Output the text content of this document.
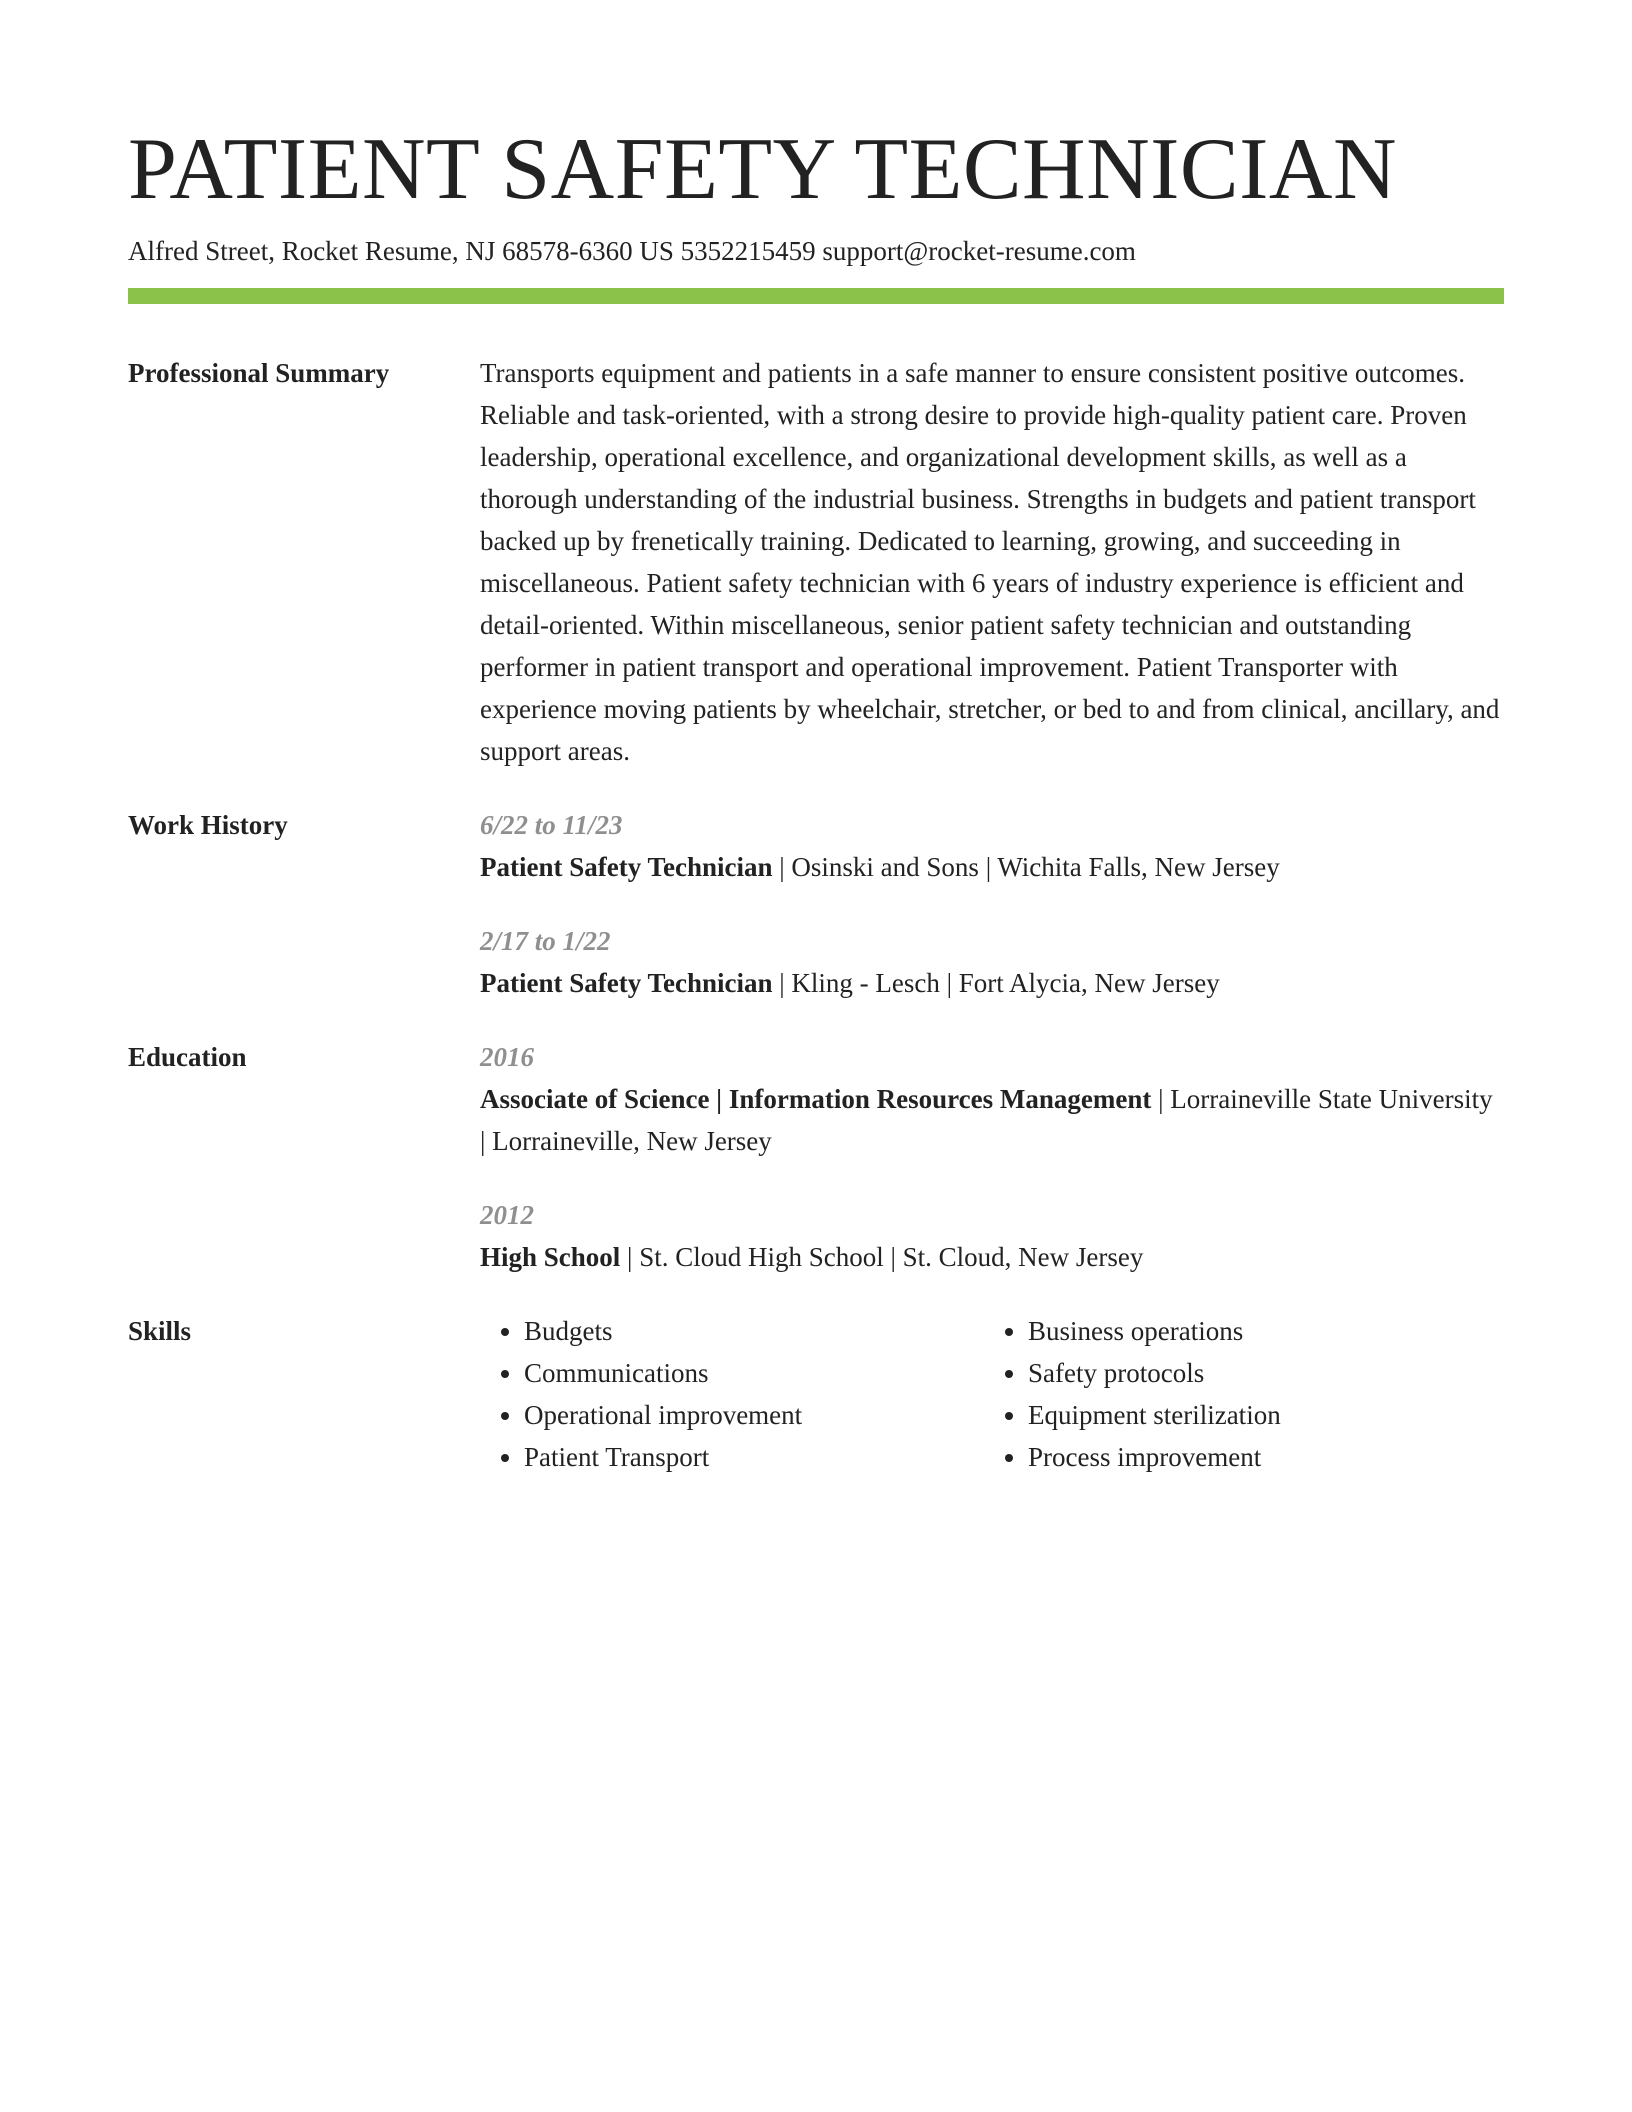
PATIENT SAFETY TECHNICIAN
Alfred Street, Rocket Resume, NJ 68578-6360 US 5352215459 support@rocket-resume.com
Professional Summary	Transports equipment and patients in a safe manner to ensure consistent positive outcomes. Reliable and task-oriented, with a strong desire to provide high-quality patient care. Proven leadership, operational excellence, and organizational development skills, as well as a thorough understanding of the industrial business. Strengths in budgets and patient transport backed up by frenetically training. Dedicated to learning, growing, and succeeding in miscellaneous. Patient safety technician with 6 years of industry experience is efficient and detail-oriented. Within miscellaneous, senior patient safety technician and outstanding performer in patient transport and operational improvement. Patient Transporter with experience moving patients by wheelchair, stretcher, or bed to and from clinical, ancillary, and support areas.
Work History	6/22 to 11/23
Patient Safety Technician | Osinski and Sons | Wichita Falls, New Jersey
2/17 to 1/22
Patient Safety Technician | Kling - Lesch | Fort Alycia, New Jersey
Education	2016
Associate of Science | Information Resources Management | Lorraineville State University | Lorraineville, New Jersey
2012
High School | St. Cloud High School | St. Cloud, New Jersey
Skills
•	Budgets
• Communications
• Operational improvement
• Patient Transport
• Business operations
• Safety protocols
• Equipment sterilization
• Process improvement
